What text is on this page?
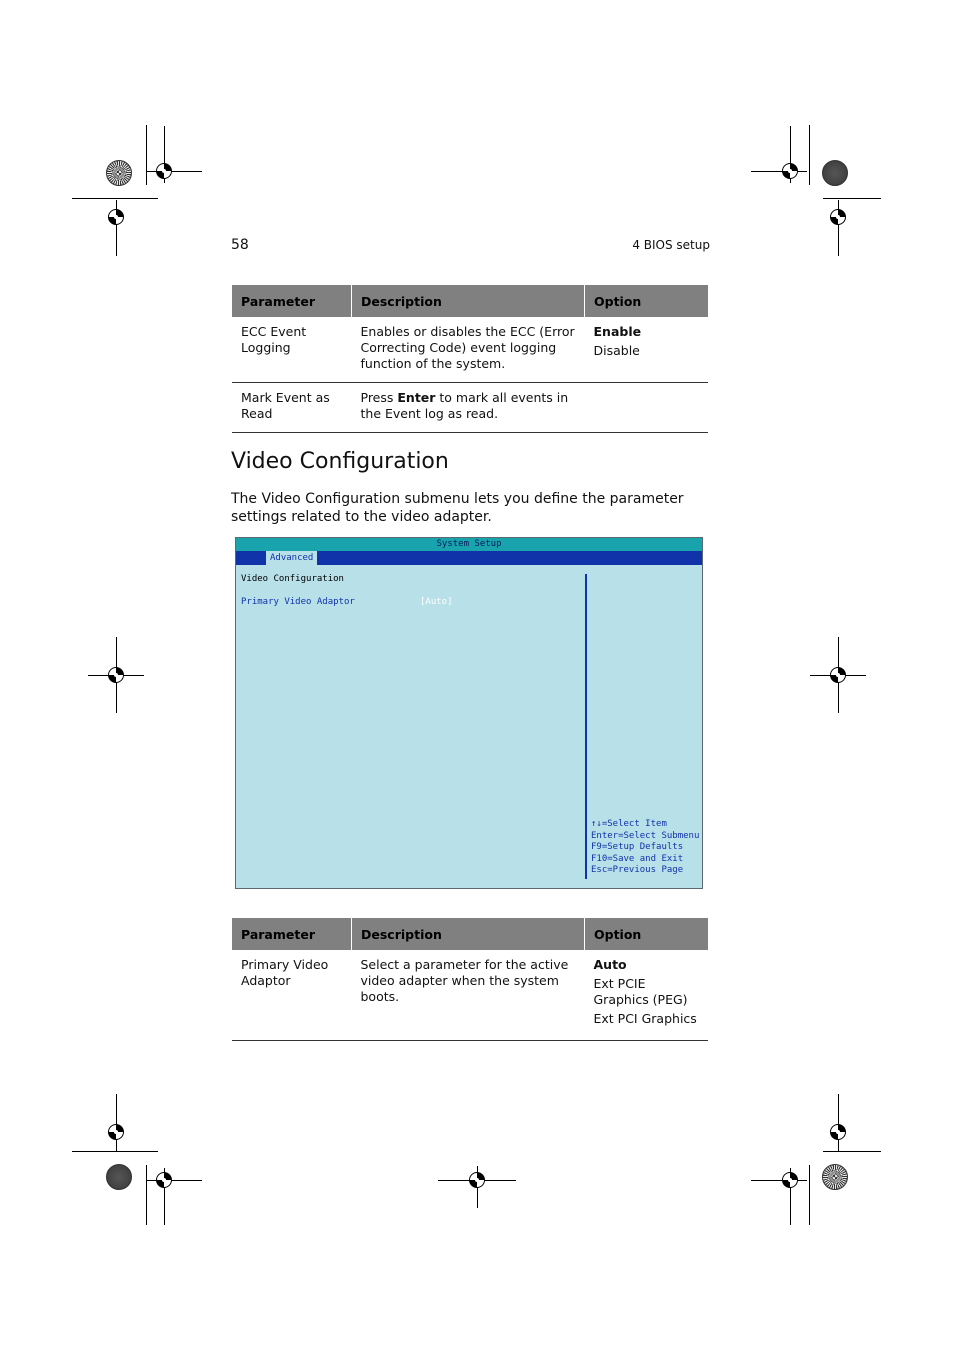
58	4 BIOS setup
Parameter	Description	Option
ECC Event Logging	Enables or disables the ECC (Error Correcting Code) event logging function of the system.	Enable
Disable

Mark Event as Read	Press Enter to mark all events in the Event log as read.	
Video Configuration

The Video Configuration submenu lets you define the parameter settings related to the video adapter.

System Setup
Advanced
Video Configuration
Primary Video Adaptor	[Auto]
↑↓=Select Item
Enter=Select Submenu
F9=Setup Defaults
F10=Save and Exit
Esc=Previous Page
Parameter	Description	Option
Primary Video Adaptor	Select a parameter for the active video adapter when the system boots.	Auto
Ext PCIE Graphics (PEG)
Ext PCI Graphics
